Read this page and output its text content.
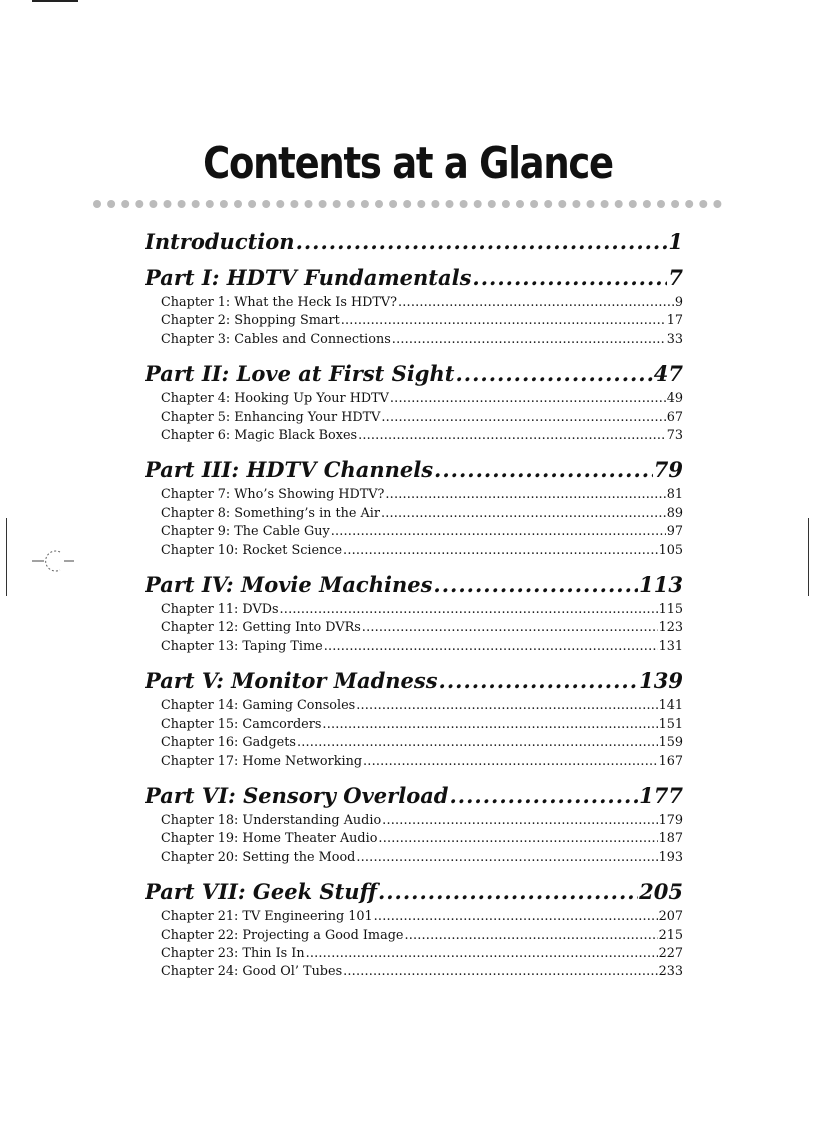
Contents at a Glance
Introduction .....	1
Part I: HDTV Fundamentals .....	7
Chapter 1: What the Heck Is HDTV? .....	9
Chapter 2: Shopping Smart .....	17
Chapter 3: Cables and Connections .....	33
Part II: Love at First Sight .....	47
Chapter 4: Hooking Up Your HDTV .....	49
Chapter 5: Enhancing Your HDTV .....	67
Chapter 6: Magic Black Boxes .....	73
Part III: HDTV Channels .....	79
Chapter 7: Who’s Showing HDTV? .....	81
Chapter 8: Something’s in the Air .....	89
Chapter 9: The Cable Guy .....	97
Chapter 10: Rocket Science .....	105
Part IV: Movie Machines .....	113
Chapter 11: DVDs .....	115
Chapter 12: Getting Into DVRs .....	123
Chapter 13: Taping Time .....	131
Part V: Monitor Madness .....	139
Chapter 14: Gaming Consoles .....	141
Chapter 15: Camcorders .....	151
Chapter 16: Gadgets .....	159
Chapter 17: Home Networking .....	167
Part VI: Sensory Overload .....	177
Chapter 18: Understanding Audio .....	179
Chapter 19: Home Theater Audio .....	187
Chapter 20: Setting the Mood .....	193
Part VII: Geek Stuff .....	205
Chapter 21: TV Engineering 101 .....	207
Chapter 22: Projecting a Good Image .....	215
Chapter 23: Thin Is In .....	227
Chapter 24: Good Ol’ Tubes .....	233
